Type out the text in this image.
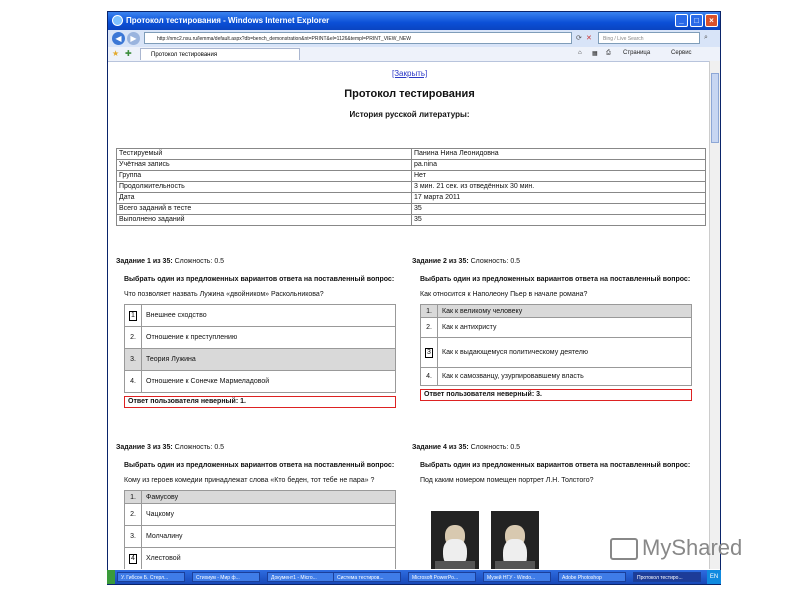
Протокол тестирования - Windows Internet Explorer	_	□	×
◀	▶	http://nmc2.nsu.ru/lemma/default.aspx?db=bench_demonstration&nt=PRINT&el=1126&templ=PRINT_VIEW_NEW	⟳ ✕	Bing / Live Search	⌕
★ ✚	Протокол тестирования	⌂ ▦ ⎙ Страница	Сервис
[Закрыть]
Протокол тестирования
История русской литературы:
Тестируемый	Панина Нина Леонидовна
Учётная запись	pa.nina
Группа	Нет
Продолжительность	3 мин. 21 сек. из отведённых 30 мин.
Дата	17 марта 2011
Всего заданий в тесте	35
Выполнено заданий	35
Задание 1 из 35: Сложность: 0.5
Выбрать один из предложенных вариантов ответа на поставленный вопрос:
Что позволяет назвать Лужина «двойником» Раскольникова?
1	Внешнее сходство
2.	Отношение к преступлению
3.	Теория Лужина
4.	Отношение к Сонечке Мармеладовой
Ответ пользователя неверный: 1.
Задание 2 из 35: Сложность: 0.5
Выбрать один из предложенных вариантов ответа на поставленный вопрос:
Как относится к Наполеону Пьер в начале романа?
1.	Как к великому человеку
2.	Как к антихристу
3	Как к выдающемуся политическому деятелю
4.	Как к самозванцу, узурпировавшему власть
Ответ пользователя неверный: 3.
Задание 3 из 35: Сложность: 0.5
Выбрать один из предложенных вариантов ответа на поставленный вопрос:
Кому из героев комедии принадлежат слова «Кто беден, тот тебе не пара» ?
1.	Фамусову
2.	Чацкому
3.	Молчалину
4	Хлестовой
Задание 4 из 35: Сложность: 0.5
Выбрать один из предложенных вариантов ответа на поставленный вопрос:
Под каким номером помещен портрет Л.Н. Толстого?
У. Гибсон Б. Стерл...	Стихиум - Мир ф...	Документ1 - Micro...	Система тестиров...	Microsoft PowerPo...	Музей НГУ - Windo...	Adobe Photoshop	Протокол тестиро...	EN
MyShared
